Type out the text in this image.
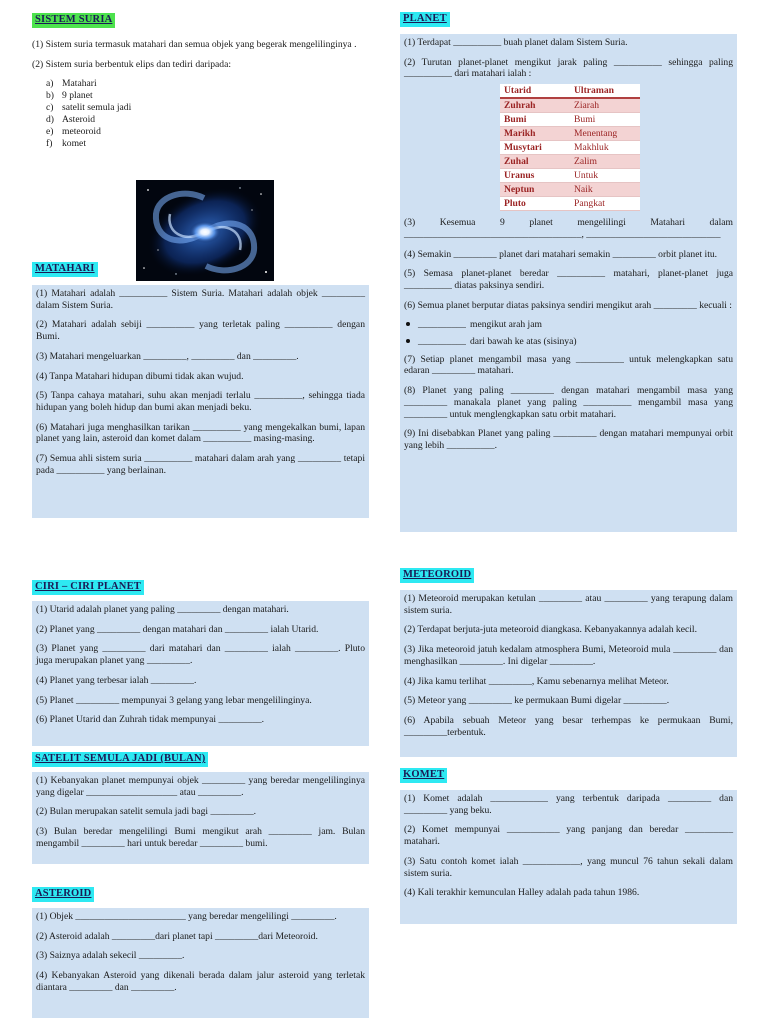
SISTEM SURIA

(1) Sistem suria termasuk matahari dan semua objek yang begerak mengelilinginya .

(2) Sistem suria berbentuk elips dan tediri daripada:

a) Matahari
b) 9 planet
c) satelit semula jadi
d) Asteroid
e) meteoroid
f) komet
MATAHARI

(1) Matahari adalah __________ Sistem Suria. Matahari adalah objek _________ dalam Sistem Suria.

(2) Matahari adalah sebiji __________ yang terletak paling __________ dengan Bumi.

(3) Matahari mengeluarkan _________, _________ dan _________.

(4) Tanpa Matahari hidupan dibumi tidak akan wujud.

(5) Tanpa cahaya matahari, suhu akan menjadi terlalu __________, sehingga tiada hidupan yang boleh hidup dan bumi akan menjadi beku.

(6) Matahari juga menghasilkan tarikan __________ yang mengekalkan bumi, lapan planet yang lain, asteroid dan komet dalam __________ masing-masing.

(7) Semua ahli sistem suria __________ matahari dalam arah yang _________ tetapi pada __________ yang berlainan.

CIRI – CIRI PLANET

(1) Utarid adalah planet yang paling _________ dengan matahari.

(2) Planet yang _________ dengan matahari dan _________ ialah Utarid.

(3) Planet yang _________ dari matahari dan _________ ialah _________. Pluto juga merupakan planet yang _________.

(4) Planet yang terbesar ialah _________.

(5) Planet _________ mempunyai 3 gelang yang lebar mengelilinginya.

(6) Planet Utarid dan Zuhrah tidak mempunyai _________.

SATELIT SEMULA JADI (BULAN)

(1) Kebanyakan planet mempunyai objek _________ yang beredar mengelilinginya yang digelar ___________________ atau _________.

(2) Bulan merupakan satelit semula jadi bagi _________.

(3) Bulan beredar mengelilingi Bumi mengikut arah _________ jam. Bulan mengambil _________ hari untuk beredar _________ bumi.

ASTEROID

(1) Objek _______________________ yang beredar mengelilingi _________.

(2) Asteroid adalah _________dari planet tapi _________dari Meteoroid.

(3) Saiznya adalah sekecil _________.

(4) Kebanyakan Asteroid yang dikenali berada dalam jalur asteroid yang terletak diantara _________ dan _________.

PLANET

(1) Terdapat __________ buah planet dalam Sistem Suria.

(2) Turutan planet-planet mengikut jarak paling __________ sehingga paling __________ dari matahari ialah :

Utarid	Ultraman
Zuhrah	Ziarah
Bumi	Bumi
Marikh	Menentang
Musytari	Makhluk
Zuhal	Zalim
Uranus	Untuk
Neptun	Naik
Pluto	Pangkat

(3) Kesemua 9 planet mengelilingi Matahari dalam _____________________________________, ____________________________

(4) Semakin _________ planet dari matahari semakin _________ orbit planet itu.

(5) Semasa planet-planet beredar __________ matahari, planet-planet juga __________ diatas paksinya sendiri.

(6) Semua planet berputar diatas paksinya sendiri mengikut arah _________ kecuali :

__________ mengikut arah jam
__________ dari bawah ke atas (sisinya)

(7) Setiap planet mengambil masa yang __________ untuk melengkapkan satu edaran _________ matahari.

(8) Planet yang paling _________ dengan matahari mengambil masa yang _________ manakala planet yang paling __________ mengambil masa yang _________ untuk menglengkapkan satu orbit matahari.

(9) Ini disebabkan Planet yang paling _________ dengan matahari mempunyai orbit yang lebih __________.

METEOROID

(1) Meteoroid merupakan ketulan _________ atau _________ yang terapung dalam sistem suria.

(2) Terdapat berjuta-juta meteoroid diangkasa. Kebanyakannya adalah kecil.

(3) Jika meteoroid jatuh kedalam atmosphera Bumi, Meteoroid mula _________ dan menghasilkan _________. Ini digelar _________.

(4) Jika kamu terlihat _________, Kamu sebenarnya melihat Meteor.

(5) Meteor yang _________ ke permukaan Bumi digelar _________.

(6) Apabila sebuah Meteor yang besar terhempas ke permukaan Bumi, _________terbentuk.

KOMET

(1) Komet adalah ____________ yang terbentuk daripada _________ dan _________ yang beku.

(2) Komet mempunyai ___________ yang panjang dan beredar __________ matahari.

(3) Satu contoh komet ialah ____________, yang muncul 76 tahun sekali dalam sistem suria.

(4) Kali terakhir kemunculan Halley adalah pada tahun 1986.
